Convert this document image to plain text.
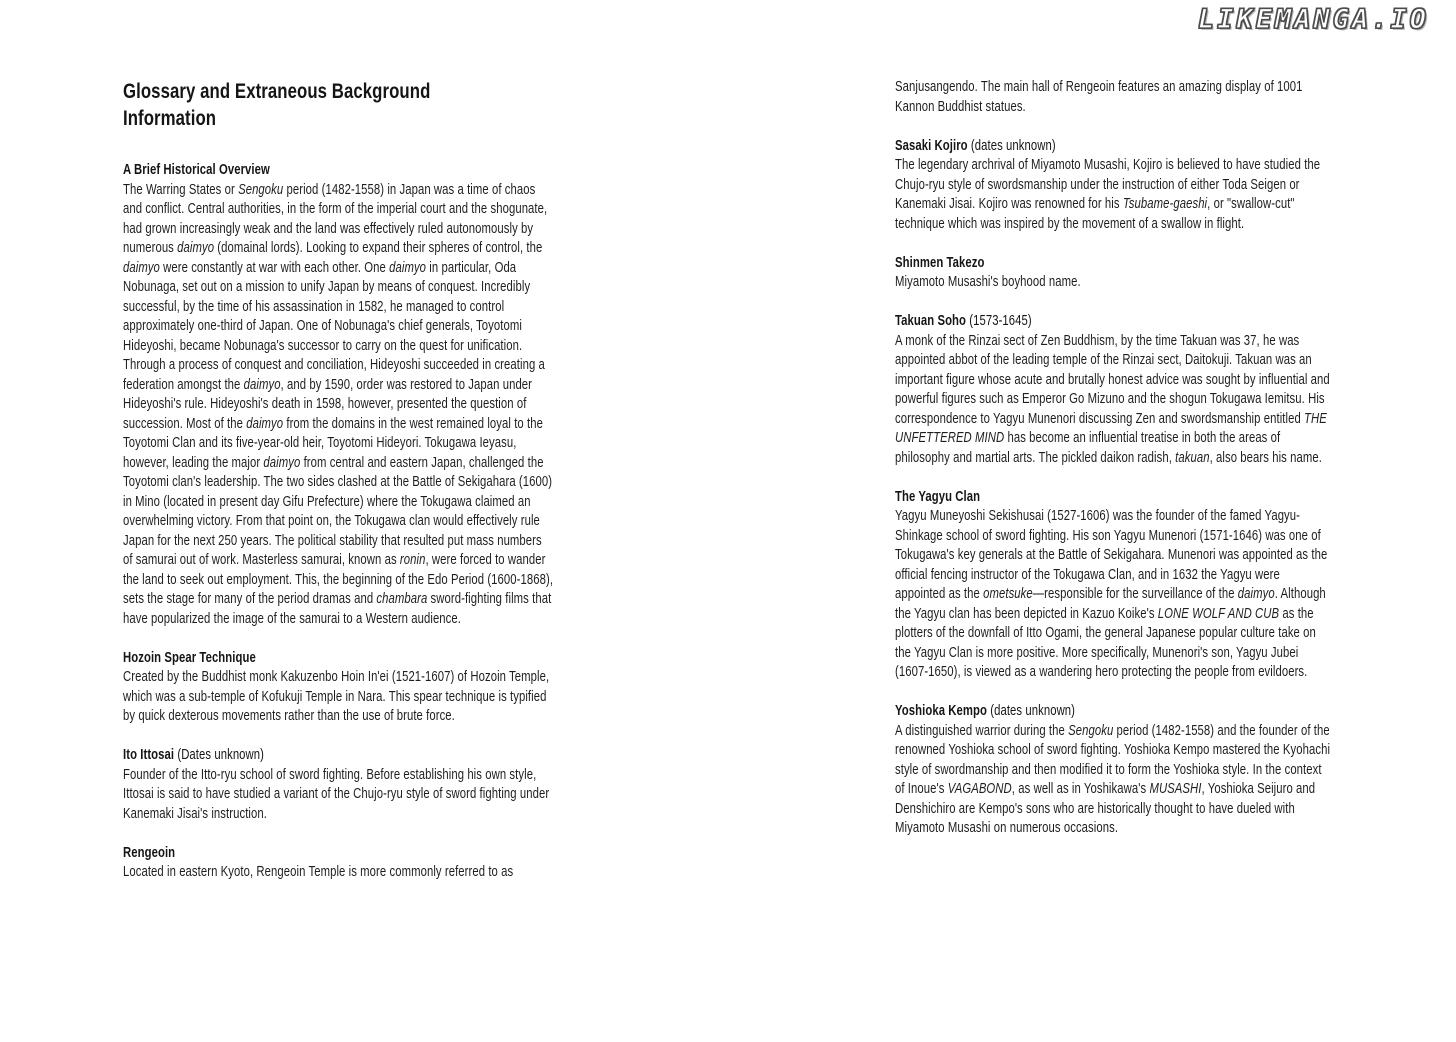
LIKEMANGA.IO
Glossary and Extraneous Background
Information
A Brief Historical Overview

The Warring States or Sengoku period (1482-1558) in Japan was a time of chaos and conflict. Central authorities, in the form of the imperial court and the shogunate, had grown increasingly weak and the land was effectively ruled autonomously by numerous daimyo (domainal lords). Looking to expand their spheres of control, the daimyo were constantly at war with each other. One daimyo in particular, Oda Nobunaga, set out on a mission to unify Japan by means of conquest. Incredibly successful, by the time of his assassination in 1582, he managed to control approximately one-third of Japan. One of Nobunaga's chief generals, Toyotomi Hideyoshi, became Nobunaga's successor to carry on the quest for unification. Through a process of conquest and conciliation, Hideyoshi succeeded in creating a federation amongst the daimyo, and by 1590, order was restored to Japan under Hideyoshi's rule. Hideyoshi's death in 1598, however, presented the question of succession. Most of the daimyo from the domains in the west remained loyal to the Toyotomi Clan and its five-year-old heir, Toyotomi Hideyori. Tokugawa Ieyasu, however, leading the major daimyo from central and eastern Japan, challenged the Toyotomi clan's leadership. The two sides clashed at the Battle of Sekigahara (1600) in Mino (located in present day Gifu Prefecture) where the Tokugawa claimed an overwhelming victory. From that point on, the Tokugawa clan would effectively rule Japan for the next 250 years. The political stability that resulted put mass numbers of samurai out of work. Masterless samurai, known as ronin, were forced to wander the land to seek out employment. This, the beginning of the Edo Period (1600-1868), sets the stage for many of the period dramas and chambara sword-fighting films that have popularized the image of the samurai to a Western audience.

Hozoin Spear Technique

Created by the Buddhist monk Kakuzenbo Hoin In'ei (1521-1607) of Hozoin Temple, which was a sub-temple of Kofukuji Temple in Nara. This spear technique is typified by quick dexterous movements rather than the use of brute force.

Ito Ittosai (Dates unknown)

Founder of the Itto-ryu school of sword fighting. Before establishing his own style, Ittosai is said to have studied a variant of the Chujo-ryu style of sword fighting under Kanemaki Jisai's instruction.

Rengeoin

Located in eastern Kyoto, Rengeoin Temple is more commonly referred to as

Sanjusangendo. The main hall of Rengeoin features an amazing display of 1001 Kannon Buddhist statues.

Sasaki Kojiro (dates unknown)

The legendary archrival of Miyamoto Musashi, Kojiro is believed to have studied the Chujo-ryu style of swordsmanship under the instruction of either Toda Seigen or Kanemaki Jisai. Kojiro was renowned for his Tsubame-gaeshi, or "swallow-cut" technique which was inspired by the movement of a swallow in flight.

Shinmen Takezo

Miyamoto Musashi's boyhood name.

Takuan Soho (1573-1645)

A monk of the Rinzai sect of Zen Buddhism, by the time Takuan was 37, he was appointed abbot of the leading temple of the Rinzai sect, Daitokuji. Takuan was an important figure whose acute and brutally honest advice was sought by influential and powerful figures such as Emperor Go Mizuno and the shogun Tokugawa Iemitsu. His correspondence to Yagyu Munenori discussing Zen and swordsmanship entitled THE UNFETTERED MIND has become an influential treatise in both the areas of philosophy and martial arts. The pickled daikon radish, takuan, also bears his name.

The Yagyu Clan

Yagyu Muneyoshi Sekishusai (1527-1606) was the founder of the famed Yagyu-Shinkage school of sword fighting. His son Yagyu Munenori (1571-1646) was one of Tokugawa's key generals at the Battle of Sekigahara. Munenori was appointed as the official fencing instructor of the Tokugawa Clan, and in 1632 the Yagyu were appointed as the ometsuke—responsible for the surveillance of the daimyo. Although the Yagyu clan has been depicted in Kazuo Koike's LONE WOLF AND CUB as the plotters of the downfall of Itto Ogami, the general Japanese popular culture take on the Yagyu Clan is more positive. More specifically, Munenori's son, Yagyu Jubei (1607-1650), is viewed as a wandering hero protecting the people from evildoers.

Yoshioka Kempo (dates unknown)

A distinguished warrior during the Sengoku period (1482-1558) and the founder of the renowned Yoshioka school of sword fighting. Yoshioka Kempo mastered the Kyohachi style of swordmanship and then modified it to form the Yoshioka style. In the context of Inoue's VAGABOND, as well as in Yoshikawa's MUSASHI, Yoshioka Seijuro and Denshichiro are Kempo's sons who are historically thought to have dueled with Miyamoto Musashi on numerous occasions.
